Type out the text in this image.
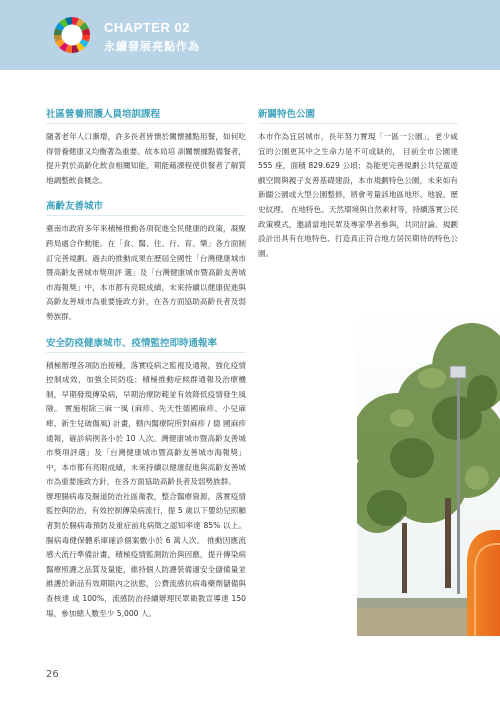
CHAPTER 02
永續發展亮點作為
社區營養照護人員培訓課程

隨著老年人口漸增，許多長者皆憒於關懷據點用餐，如何吃得營養健康又均衡著為重要。故本局培 訓關懷據點備餐者，提升對於高齡化飲食相關知能，期能藉課程使供餐者了解質地調整飲食概念。

高齡友善城市

臺南市政府多年來積極推動各項促進全民健康的政策，凝聚跨局處合作動能。在「食、醫、住、行、育、樂」各方面制訂完善規劃。過去的推動成果在歷屆全國性「台灣健康城市暨高齡友善城市獎項評 選」及「台灣健康城市暨高齡友善城市海報獎」中，本市都有亮眼成績，未來持續以健康促進與高齡友善城市為重要施政方針，在各方面協助高齡長者及弱勢族群。

安全防疫健康城市、疫情監控即時通報率

積極辦理各項防治接種，落實疫病之監視及通報，強化疫情控制成效，加強全民防疫；積極推動症候群通報及治療機制，早期發現傳染病，早期治療防範並有效降低疫情發生風險。 實施根除三麻一風 (麻疹、先天性德國麻疹、小兒麻痺、新生兒破傷風) 計畫，轄內醫療院所對麻疹 / 德 國麻疹通報，確診病例各小於 10 人次。灣健康城市暨高齡友善城市獎項評選」及「台灣健康城市暨高齡友善城市海報獎」中，本市都有亮眼成績，未來持續以健康促進與高齡友善城市為重要施政方針，在各方面協助高齡長者及弱勢族群。

辦理腸病毒及腸道防治社區衛教，整合醫療資源，落實疫情監控與防治，有效控制傳染病流行，提 5 歲以下嬰幼兒照顧者對於腸病毒預防及重症前兆病徵之認知率達 85% 以上。腸病毒健保體系庫確診個案數小於 6 萬人次。 推動因應流感大流行準備計畫，積極疫情監測防治與因應，提升傳染病醫療照護之品質及量能，維持個人防護裝備適安全儲備量並維護於新品有效期限內之狀態，公費流感抗病毒藥劑儲備與查核達 成 100%，流感防治持續辦理民眾衛教宣導達 150 場，參加總人數至少 5,000 人。

新闢特色公園

本市作為宜居城市，長年努力實現「一區一公園」，老少咸宜的公園更其中之生命力是不可或缺的， 目前全市公園達 555 座，面積 829.629 公頃；為能更完善規劃公共兒童遊戲空間與親子友善基礎建設，本市規劃特色公園，未來如有新闢公園或大型公園整修，將會考量該地區地形、地貌、歷史紋理、 在地特色、天然環境與自然素材等，持續落實公民政策模式，邀請當地民眾及專家學者參與，共同討論、規劃設計出具有在地特色、打造真正符合地方居民期待的特色公園。

26
